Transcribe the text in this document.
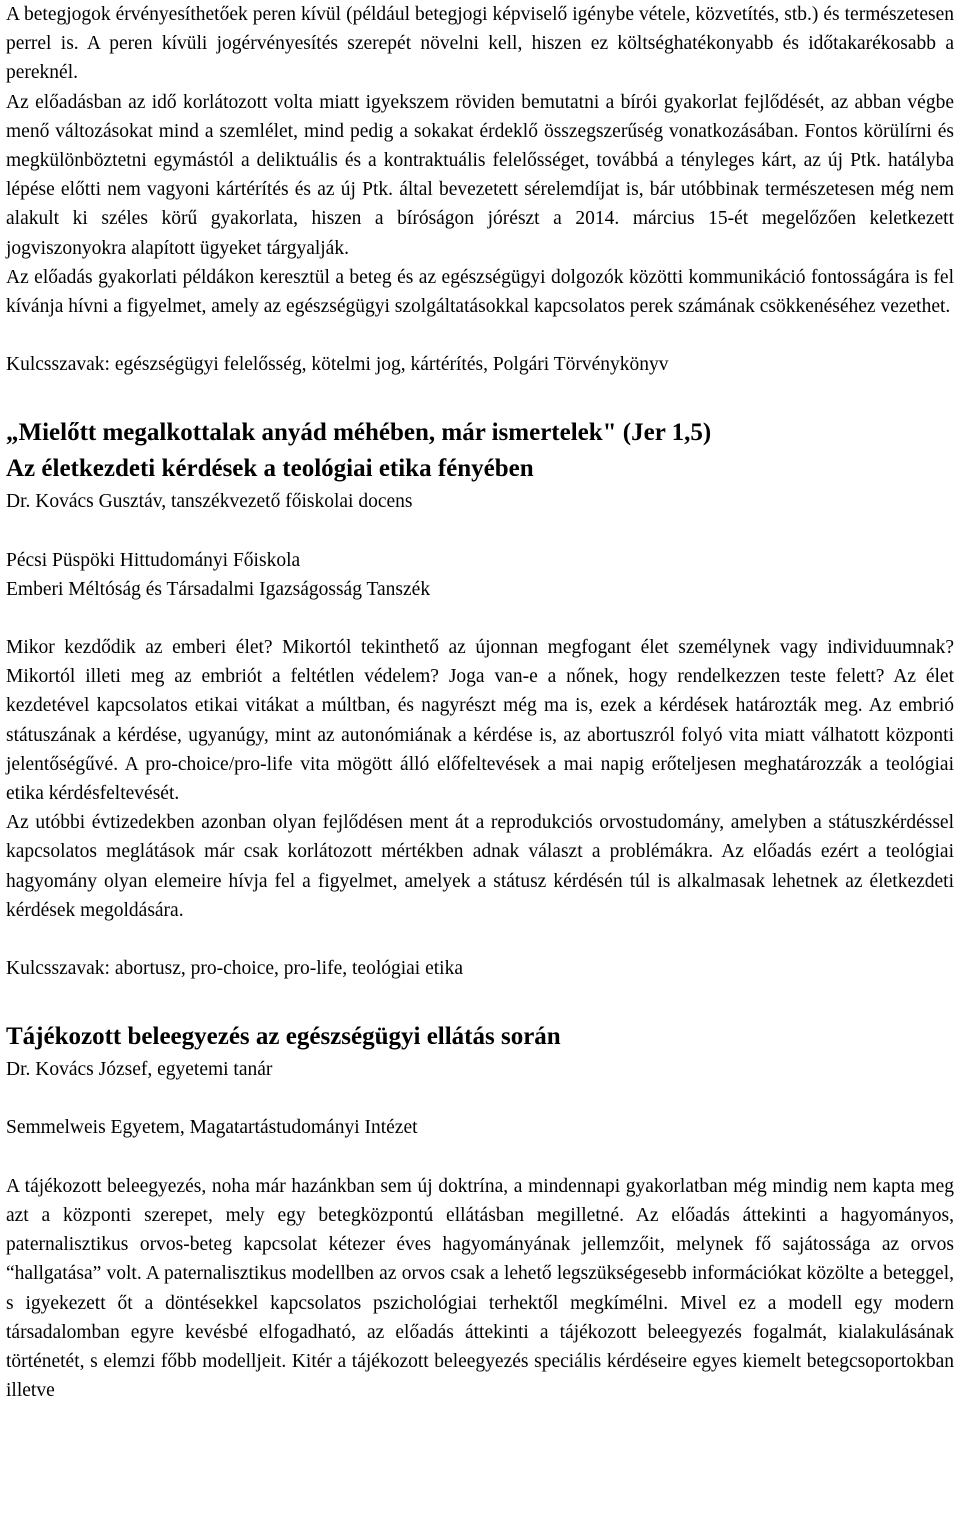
A betegjogok érvényesíthetőek peren kívül (például betegjogi képviselő igénybe vétele, közvetítés, stb.) és természetesen perrel is. A peren kívüli jogérvényesítés szerepét növelni kell, hiszen ez költséghatékonyabb és időtakarékosabb a pereknél.

Az előadásban az idő korlátozott volta miatt igyekszem röviden bemutatni a bírói gyakorlat fejlődését, az abban végbe menő változásokat mind a szemlélet, mind pedig a sokakat érdeklő összegszerűség vonatkozásában. Fontos körülírni és megkülönböztetni egymástól a deliktuális és a kontraktuális felelősséget, továbbá a tényleges kárt, az új Ptk. hatályba lépése előtti nem vagyoni kártérítés és az új Ptk. által bevezetett sérelemdíjat is, bár utóbbinak természetesen még nem alakult ki széles körű gyakorlata, hiszen a bíróságon jórészt a 2014. március 15-ét megelőzően keletkezett jogviszonyokra alapított ügyeket tárgyalják.

Az előadás gyakorlati példákon keresztül a beteg és az egészségügyi dolgozók közötti kommunikáció fontosságára is fel kívánja hívni a figyelmet, amely az egészségügyi szolgáltatásokkal kapcsolatos perek számának csökkenéséhez vezethet.

Kulcsszavak: egészségügyi felelősség, kötelmi jog, kártérítés, Polgári Törvénykönyv

„Mielőtt megalkottalak anyád méhében, már ismertelek" (Jer 1,5)
Az életkezdeti kérdések a teológiai etika fényében

Dr. Kovács Gusztáv, tanszékvezető főiskolai docens

Pécsi Püspöki Hittudományi Főiskola

Emberi Méltóság és Társadalmi Igazságosság Tanszék

Mikor kezdődik az emberi élet? Mikortól tekinthető az újonnan megfogant élet személynek vagy individuumnak? Mikortól illeti meg az embriót a feltétlen védelem? Joga van-e a nőnek, hogy rendelkezzen teste felett? Az élet kezdetével kapcsolatos etikai vitákat a múltban, és nagyrészt még ma is, ezek a kérdések határozták meg. Az embrió státuszának a kérdése, ugyanúgy, mint az autonómiának a kérdése is, az abortuszról folyó vita miatt válhatott központi jelentőségűvé. A pro-choice/pro-life vita mögött álló előfeltevések a mai napig erőteljesen meghatározzák a teológiai etika kérdésfeltevését.

Az utóbbi évtizedekben azonban olyan fejlődésen ment át a reprodukciós orvostudomány, amelyben a státuszkérdéssel kapcsolatos meglátások már csak korlátozott mértékben adnak választ a problémákra. Az előadás ezért a teológiai hagyomány olyan elemeire hívja fel a figyelmet, amelyek a státusz kérdésén túl is alkalmasak lehetnek az életkezdeti kérdések megoldására.

Kulcsszavak: abortusz, pro-choice, pro-life, teológiai etika

Tájékozott beleegyezés az egészségügyi ellátás során

Dr. Kovács József, egyetemi tanár

Semmelweis Egyetem, Magatartástudományi Intézet

A tájékozott beleegyezés, noha már hazánkban sem új doktrína, a mindennapi gyakorlatban még mindig nem kapta meg azt a központi szerepet, mely egy betegközpontú ellátásban megilletné. Az előadás áttekinti a hagyományos, paternalisztikus orvos-beteg kapcsolat kétezer éves hagyományának jellemzőit, melynek fő sajátossága az orvos “hallgatása” volt. A paternalisztikus modellben az orvos csak a lehető legszükségesebb információkat közölte a beteggel, s igyekezett őt a döntésekkel kapcsolatos pszichológiai terhektől megkímélni. Mivel ez a modell egy modern társadalomban egyre kevésbé elfogadható, az előadás áttekinti a tájékozott beleegyezés fogalmát, kialakulásának történetét, s elemzi főbb modelljeit. Kitér a tájékozott beleegyezés speciális kérdéseire egyes kiemelt betegcsoportokban illetve
